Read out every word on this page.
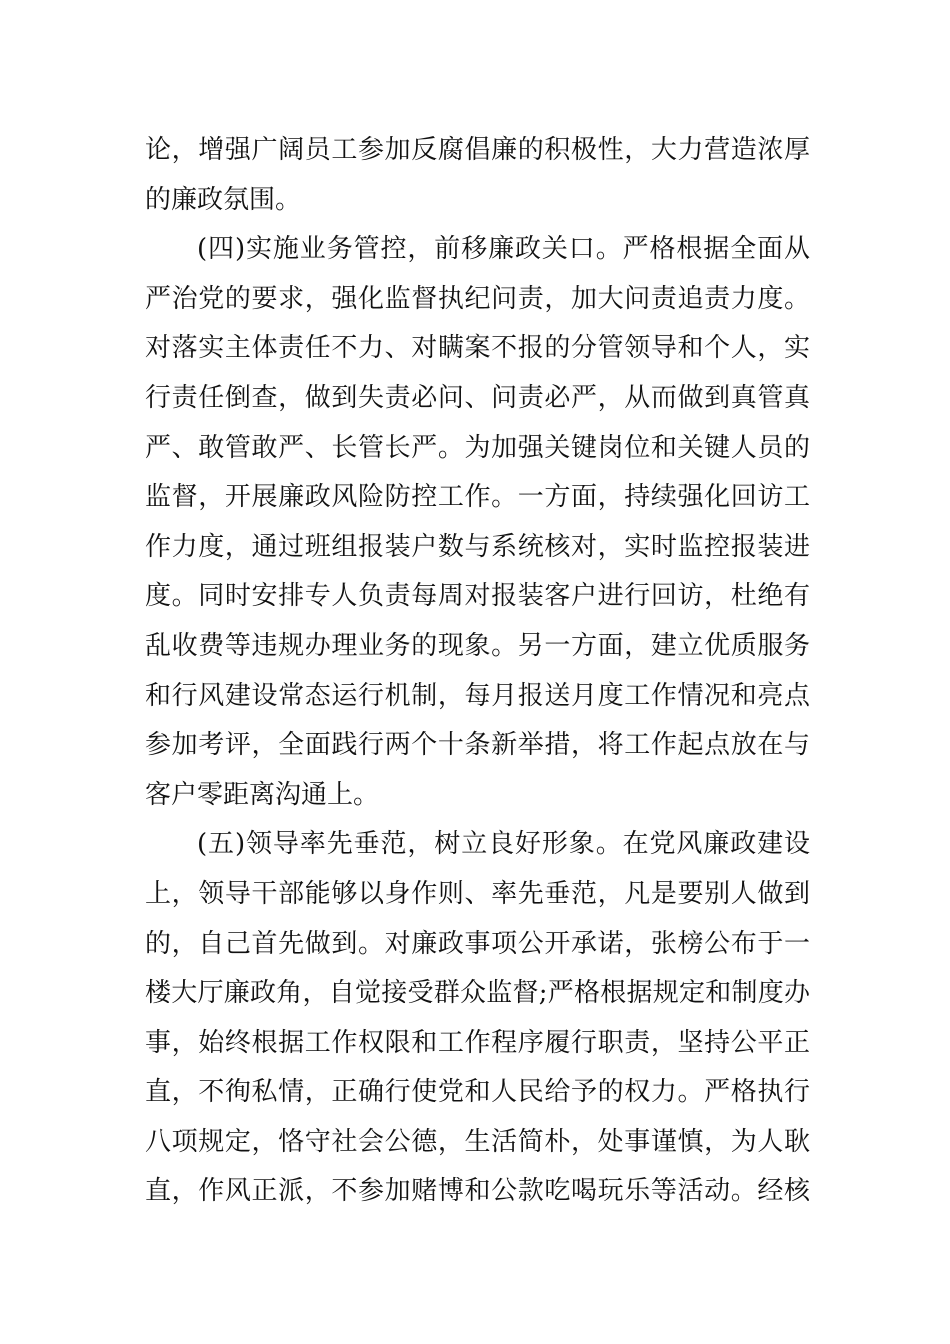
论，增强广阔员工参加反腐倡廉的积极性，大力营造浓厚
的廉政氛围。
(四)实施业务管控，前移廉政关口。严格根据全面从
严治党的要求，强化监督执纪问责，加大问责追责力度。
对落实主体责任不力、对瞒案不报的分管领导和个人，实
行责任倒查，做到失责必问、问责必严，从而做到真管真
严、敢管敢严、长管长严。为加强关键岗位和关键人员的
监督，开展廉政风险防控工作。一方面，持续强化回访工
作力度，通过班组报装户数与系统核对，实时监控报装进
度。同时安排专人负责每周对报装客户进行回访，杜绝有
乱收费等违规办理业务的现象。另一方面，建立优质服务
和行风建设常态运行机制，每月报送月度工作情况和亮点
参加考评，全面践行两个十条新举措，将工作起点放在与
客户零距离沟通上。
(五)领导率先垂范，树立良好形象。在党风廉政建设
上，领导干部能够以身作则、率先垂范，凡是要别人做到
的，自己首先做到。对廉政事项公开承诺，张榜公布于一
楼大厅廉政角，自觉接受群众监督;严格根据规定和制度办
事，始终根据工作权限和工作程序履行职责，坚持公平正
直，不徇私情，正确行使党和人民给予的权力。严格执行
八项规定，恪守社会公德，生活简朴，处事谨慎，为人耿
直，作风正派，不参加赌博和公款吃喝玩乐等活动。经核
